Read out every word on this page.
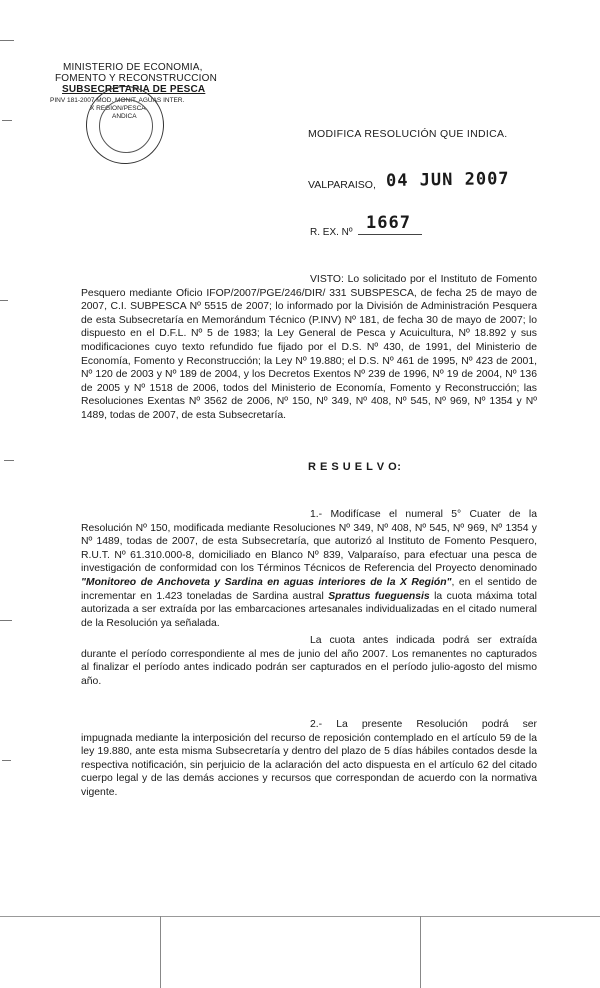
MINISTERIO DE ECONOMIA,
FOMENTO Y RECONSTRUCCION
SUBSECRETARIA DE PESCA
PINV 181-2007 MOD. MONIT. AGUAS INTER.
X REGION/PESCA
ANDICA
MODIFICA RESOLUCIÓN QUE INDICA.
VALPARAISO, 04 JUN 2007
R. EX. Nº 1667
VISTO: Lo solicitado por el Instituto de Fomento Pesquero mediante Oficio IFOP/2007/PGE/246/DIR/ 331 SUBSPESCA, de fecha 25 de mayo de 2007, C.I. SUBPESCA Nº 5515 de 2007; lo informado por la División de Administración Pesquera de esta Subsecretaría en Memorándum Técnico (P.INV) Nº 181, de fecha 30 de mayo de 2007; lo dispuesto en el D.F.L. Nº 5 de 1983; la Ley General de Pesca y Acuicultura, Nº 18.892 y sus modificaciones cuyo texto refundido fue fijado por el D.S. Nº 430, de 1991, del Ministerio de Economía, Fomento y Reconstrucción; la Ley Nº 19.880; el D.S. Nº 461 de 1995, Nº 423 de 2001, Nº 120 de 2003 y Nº 189 de 2004, y los Decretos Exentos Nº 239 de 1996, Nº 19 de 2004, Nº 136 de 2005 y Nº 1518 de 2006, todos del Ministerio de Economía, Fomento y Reconstrucción; las Resoluciones Exentas Nº 3562 de 2006, Nº 150, Nº 349, Nº 408, Nº 545, Nº 969, Nº 1354 y Nº 1489, todas de 2007, de esta Subsecretaría.
R E S U E L V O:
1.- Modifícase el numeral 5° Cuater de la
Resolución Nº 150, modificada mediante Resoluciones Nº 349, Nº 408, Nº 545, Nº 969, Nº 1354 y Nº 1489, todas de 2007, de esta Subsecretaría, que autorizó al Instituto de Fomento Pesquero, R.U.T. Nº 61.310.000-8, domiciliado en Blanco Nº 839, Valparaíso, para efectuar una pesca de investigación de conformidad con los Términos Técnicos de Referencia del Proyecto denominado "Monitoreo de Anchoveta y Sardina en aguas interiores de la X Región", en el sentido de incrementar en 1.423 toneladas de Sardina austral Sprattus fueguensis la cuota máxima total autorizada a ser extraída por las embarcaciones artesanales individualizadas en el citado numeral de la Resolución ya señalada.
La cuota antes indicada podrá ser extraída
durante el período correspondiente al mes de junio del año 2007. Los remanentes no capturados al finalizar el período antes indicado podrán ser capturados en el período julio-agosto del mismo año.
2.- La presente Resolución podrá ser
impugnada mediante la interposición del recurso de reposición contemplado en el artículo 59 de la ley 19.880, ante esta misma Subsecretaría y dentro del plazo de 5 días hábiles contados desde la respectiva notificación, sin perjuicio de la aclaración del acto dispuesta en el artículo 62 del citado cuerpo legal y de las demás acciones y recursos que correspondan de acuerdo con la normativa vigente.
